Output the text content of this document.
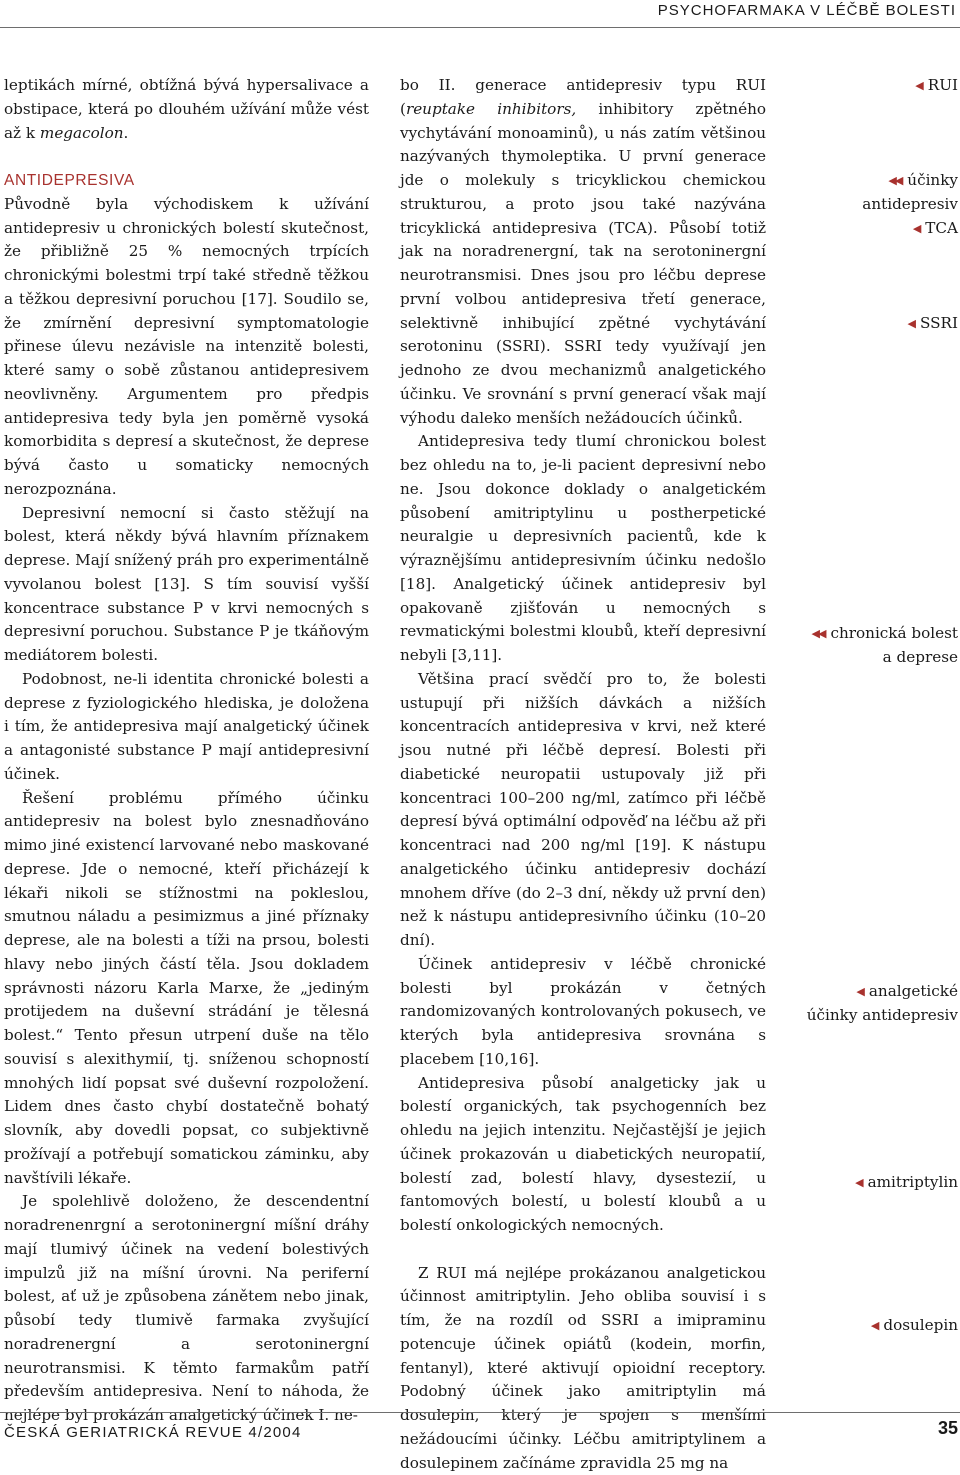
PSYCHOFARMAKA V LÉČBĚ BOLESTI

leptikách mírné, obtížná bývá hypersalivace a obstipace, která po dlouhém užívání může vést až k megacolon.

ANTIDEPRESIVA

Původně byla východiskem k užívání antidepresiv u chronických bolestí skutečnost, že přibližně 25 % nemocných trpících chronickými bolestmi trpí také středně těžkou a těžkou depresivní poruchou [17]. Soudilo se, že zmírnění depresivní symptomatologie přinese úlevu nezávisle na intenzitě bolesti, které samy o sobě zůstanou antidepresivem neovlivněny. Argumentem pro předpis antidepresiva tedy byla jen poměrně vysoká komorbidita s depresí a skutečnost, že deprese bývá často u somaticky nemocných nerozpoznána.

Depresivní nemocní si často stěžují na bolest, která někdy bývá hlavním příznakem deprese. Mají snížený práh pro experimentálně vyvolanou bolest [13]. S tím souvisí vyšší koncentrace substance P v krvi nemocných s depresivní poruchou. Substance P je tkáňovým mediátorem bolesti.

Podobnost, ne-li identita chronické bolesti a deprese z fyziologického hlediska, je doložena i tím, že antidepresiva mají analgetický účinek a antagonisté substance P mají antidepresivní účinek.

Řešení problému přímého účinku antidepresiv na bolest bylo znesnadňováno mimo jiné existencí larvované nebo maskované deprese. Jde o nemocné, kteří přicházejí k lékaři nikoli se stížnostmi na pokleslou, smutnou náladu a pesimizmus a jiné příznaky deprese, ale na bolesti a tíži na prsou, bolesti hlavy nebo jiných částí těla. Jsou dokladem správnosti názoru Karla Marxe, že „jediným protijedem na duševní strádání je tělesná bolest.“ Tento přesun utrpení duše na tělo souvisí s alexithymií, tj. sníženou schopností mnohých lidí popsat své duševní rozpoložení. Lidem dnes často chybí dostatečně bohatý slovník, aby dovedli popsat, co subjektivně prožívají a potřebují somatickou záminku, aby navštívili lékaře.

Je spolehlivě doloženo, že descendentní noradrenenrgní a serotoninergní míšní dráhy mají tlumivý účinek na vedení bolestivých impulzů již na míšní úrovni. Na periferní bolest, ať už je způsobena zánětem nebo jinak, působí tedy tlumivě farmaka zvyšující noradrenergní a serotoninergní neurotransmisi. K těmto farmakům patří především antidepresiva. Není to náhoda, že nejlépe byl prokázán analgetický účinek I. ne-

bo II. generace antidepresiv typu RUI (reuptake inhibitors, inhibitory zpětného vychytávání monoaminů), u nás zatím většinou nazývaných thymoleptika. U první generace jde o molekuly s tricyklickou chemickou strukturou, a proto jsou také nazývána tricyklická antidepresiva (TCA). Působí totiž jak na noradrenergní, tak na serotoninergní neurotransmisi. Dnes jsou pro léčbu deprese první volbou antidepresiva třetí generace, selektivně inhibující zpětné vychytávání serotoninu (SSRI). SSRI tedy využívají jen jednoho ze dvou mechanizmů analgetického účinku. Ve srovnání s první generací však mají výhodu daleko menších nežádoucích účinků.

Antidepresiva tedy tlumí chronickou bolest bez ohledu na to, je-li pacient depresivní nebo ne. Jsou dokonce doklady o analgetickém působení amitriptylinu u postherpetické neuralgie u depresivních pacientů, kde k výraznějšímu antidepresivním účinku nedošlo [18]. Analgetický účinek antidepresiv byl opakovaně zjišťován u nemocných s revmatickými bolestmi kloubů, kteří depresivní nebyli [3,11].

Většina prací svědčí pro to, že bolesti ustupují při nižších dávkách a nižších koncentracích antidepresiva v krvi, než které jsou nutné při léčbě depresí. Bolesti při diabetické neuropatii ustupovaly již při koncentraci 100–200 ng/ml, zatímco při léčbě depresí bývá optimální odpověď na léčbu až při koncentraci nad 200 ng/ml [19]. K nástupu analgetického účinku antidepresiv dochází mnohem dříve (do 2–3 dní, někdy už první den) než k nástupu antidepresivního účinku (10–20 dní).

Účinek antidepresiv v léčbě chronické bolesti byl prokázán v četných randomizovaných kontrolovaných pokusech, ve kterých byla antidepresiva srovnána s placebem [10,16].

Antidepresiva působí analgeticky jak u bolestí organických, tak psychogenních bez ohledu na jejich intenzitu. Nejčastější je jejich účinek prokazován u diabetických neuropatií, bolestí zad, bolestí hlavy, dysestezií, u fantomových bolestí, u bolestí kloubů a u bolestí onkologických nemocných.

Z RUI má nejlépe prokázanou analgetickou účinnost amitriptylin. Jeho obliba souvisí i s tím, že na rozdíl od SSRI a imipraminu potencuje účinek opiátů (kodein, morfin, fentanyl), které aktivují opioidní receptory. Podobný účinek jako amitriptylin má dosulepin, který je spojen s menšími nežádoucími účinky. Léčbu amitriptylinem a dosulepinem začínáme zpravidla 25 mg na

◀ RUI
◀◀ účinky
antidepresiv
◀ TCA
◀ SSRI
◀◀ chronická bolest
a deprese
◀ analgetické
účinky antidepresiv
◀ amitriptylin
◀ dosulepin
ČESKÁ GERIATRICKÁ REVUE 4/2004	35
